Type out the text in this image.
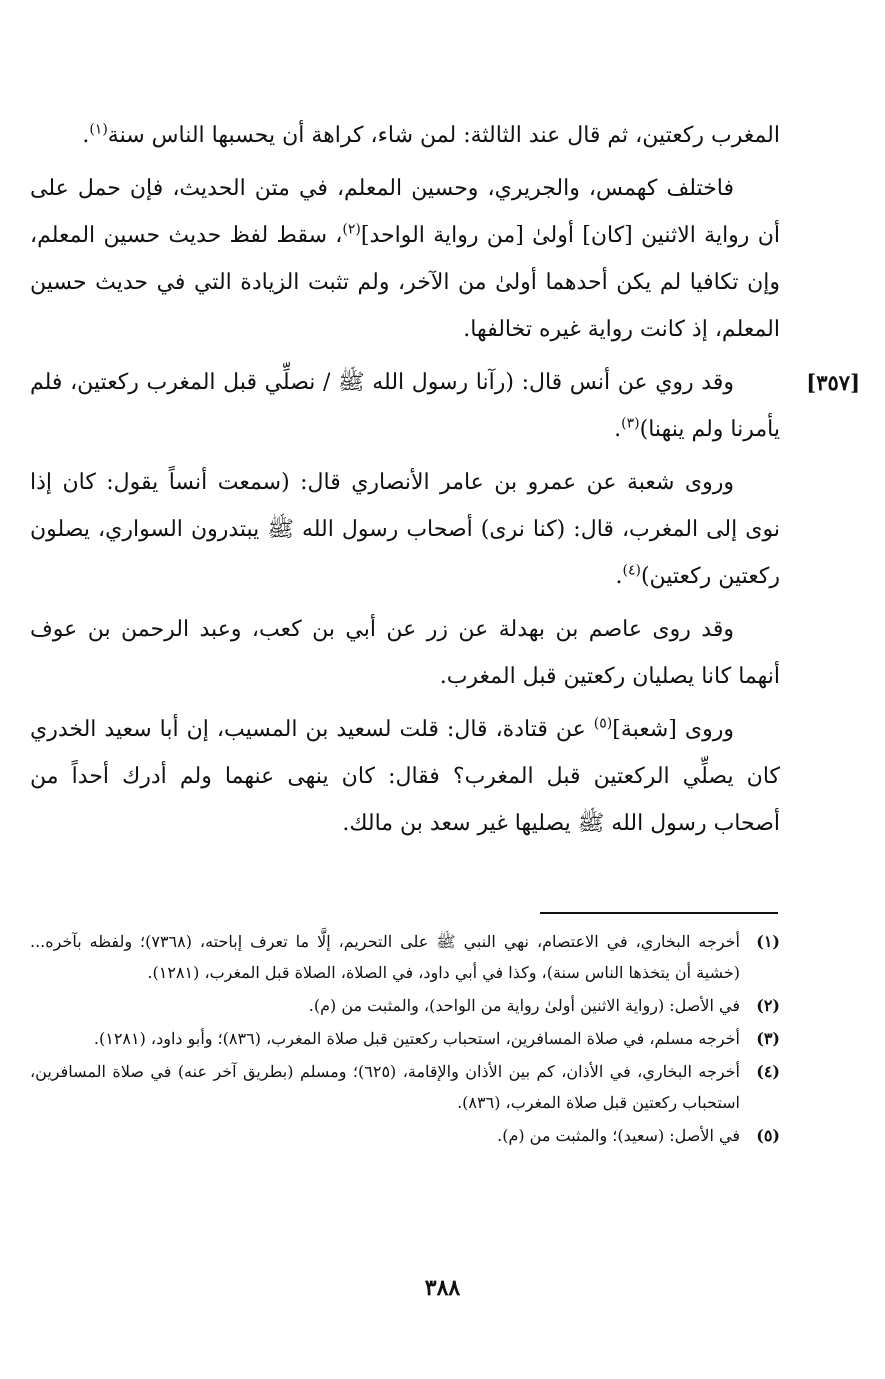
المغرب ركعتين، ثم قال عند الثالثة: لمن شاء، كراهة أن يحسبها الناس سنة$^{(١)}$.

فاختلف كهمس، والجريري، وحسين المعلم، في متن الحديث، فإن حمل على أن رواية الاثنين [كان] أولىٰ [من رواية الواحد]$^{(٢)}$، سقط لفظ حديث حسين المعلم، وإن تكافيا لم يكن أحدهما أولىٰ من الآخر، ولم تثبت الزيادة التي في حديث حسين المعلم، إذ كانت رواية غيره تخالفها.

[٣٥٧]

وقد روي عن أنس قال: (رآنا رسول الله ﷺ / نصلِّي قبل المغرب ركعتين، فلم يأمرنا ولم ينهنا)$^{(٣)}$.

وروى شعبة عن عمرو بن عامر الأنصاري قال: (سمعت أنساً يقول: كان إذا نوى إلى المغرب، قال: (كنا نرى) أصحاب رسول الله ﷺ يبتدرون السواري، يصلون ركعتين ركعتين)$^{(٤)}$.

وقد روى عاصم بن بهدلة عن زر عن أبي بن كعب، وعبد الرحمن بن عوف أنهما كانا يصليان ركعتين قبل المغرب.

وروى [شعبة]$^{(٥)}$ عن قتادة، قال: قلت لسعيد بن المسيب، إن أبا سعيد الخدري كان يصلِّي الركعتين قبل المغرب؟ فقال: كان ينهى عنهما ولم أدرك أحداً من أصحاب رسول الله ﷺ يصليها غير سعد بن مالك.

(١)
أخرجه البخاري، في الاعتصام، نهي النبي ﷺ على التحريم، إلَّا ما تعرف إباحته، (٧٣٦٨)؛ ولفظه بآخره... (خشية أن يتخذها الناس سنة)، وكذا في أبي داود، في الصلاة، الصلاة قبل المغرب، (١٢٨١).
(٢)
في الأصل: (رواية الاثنين أولىٰ رواية من الواحد)، والمثبت من (م).
(٣)
أخرجه مسلم، في صلاة المسافرين، استحباب ركعتين قبل صلاة المغرب، (٨٣٦)؛ وأبو داود، (١٢٨١).
(٤)
أخرجه البخاري، في الأذان، كم بين الأذان والإقامة، (٦٢٥)؛ ومسلم (بطريق آخر عنه) في صلاة المسافرين، استحباب ركعتين قبل صلاة المغرب، (٨٣٦).
(٥)
في الأصل: (سعيد)؛ والمثبت من (م).
٣٨٨
